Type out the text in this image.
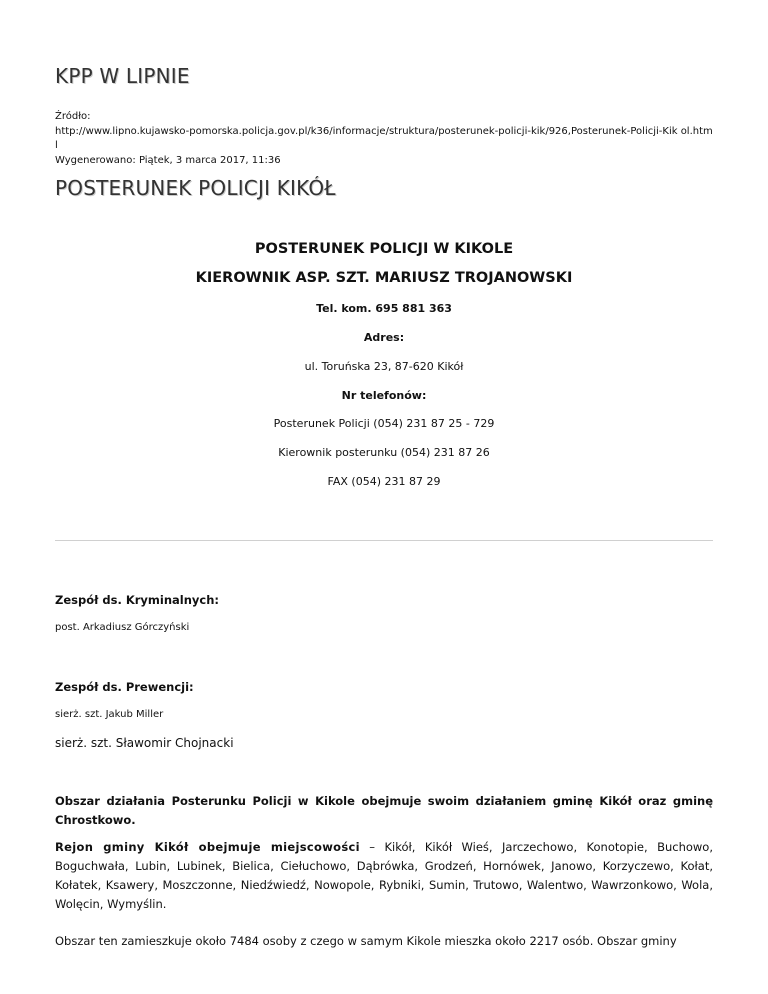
KPP W LIPNIE
Źródło:
http://www.lipno.kujawsko-pomorska.policja.gov.pl/k36/informacje/struktura/posterunek-policji-kik/926,Posterunek-Policji-Kik ol.html
Wygenerowano: Piątek, 3 marca 2017, 11:36
POSTERUNEK POLICJI KIKÓŁ
POSTERUNEK POLICJI W KIKOLE
KIEROWNIK ASP. SZT. MARIUSZ TROJANOWSKI
Tel. kom. 695 881 363
Adres:
ul. Toruńska 23, 87-620 Kikół
Nr telefonów:
Posterunek Policji (054) 231 87 25 - 729
Kierownik posterunku (054) 231 87 26
FAX (054) 231 87 29
Zespół ds. Kryminalnych:
post. Arkadiusz Górczyński
Zespół ds. Prewencji:
sierż. szt. Jakub Miller
sierż. szt. Sławomir Chojnacki
Obszar działania Posterunku Policji w Kikole obejmuje swoim działaniem gminę Kikół oraz gminę Chrostkowo.
Rejon gminy Kikół obejmuje miejscowości – Kikół, Kikół Wieś, Jarczechowo, Konotopie, Buchowo, Boguchwała, Lubin, Lubinek, Bielica, Ciełuchowo, Dąbrówka, Grodzeń, Hornówek, Janowo, Korzyczewo, Kołat, Kołatek, Ksawery, Moszczonne, Niedźwiedź, Nowopole, Rybniki, Sumin, Trutowo, Walentwo, Wawrzonkowo, Wola, Wolęcin, Wymyślin.
Obszar ten zamieszkuje około 7484 osoby z czego w samym Kikole mieszka około 2217 osób. Obszar gminy
